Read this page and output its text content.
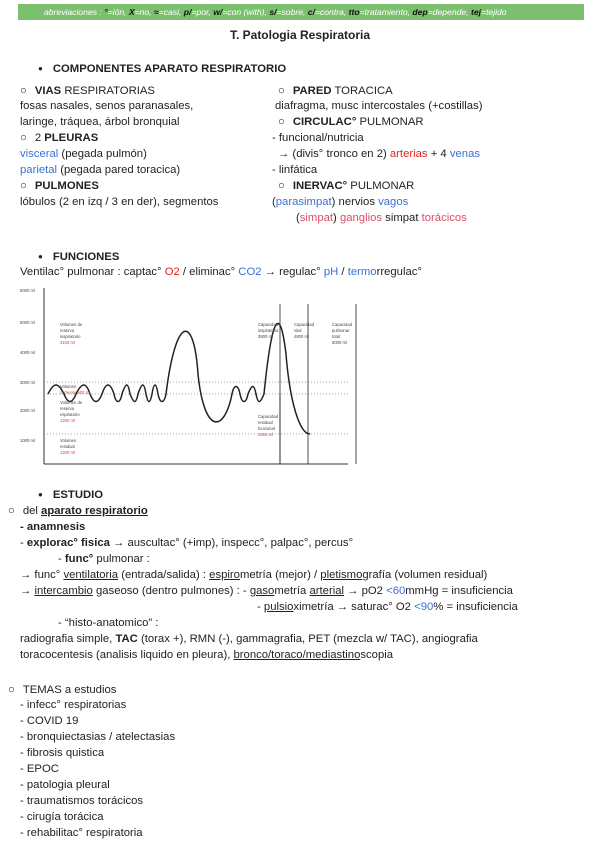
abreviaciones : °=ión, X=no, ≈=casi, p/=por, w/=con (with), s/=sobre, c/=contra, tto=tratamiento, dep=depende, tej=tejido
T. Patologia Respiratoria
● COMPONENTES APARATO RESPIRATORIO
○ VIAS RESPIRATORIAS
fosas nasales, senos paranasales,
laringe, tráquea, árbol bronquial
○ 2 PLEURAS
visceral (pegada pulmón)
parietal (pegada pared toracica)
○ PULMONES
lóbulos (2 en izq / 3 en der), segmentos
○ PARED TORACICA
diafragma, musc intercostales (+costillas)
○ CIRCULAC° PULMONAR
- funcional/nutricia
→ (divis° tronco en 2) arterias + 4 venas
- linfática
○ INERVAC° PULMONAR
(parasimpat) nervios vagos
(simpat) ganglios simpat torácicos
● FUNCIONES
Ventilac° pulmonar : captac° O2 / eliminac° CO2 → regulac° pH / termorregulac°
6000 ml
5000 ml
4000 ml
3000 ml
2000 ml
1000 ml
Volumen de
reserva
inspiratorio
3100 ml
Volumen
corriente 500 ml
Volumen de
reserva
espiratorio
1200 ml
Volumen
residual
1200 ml
Capacidad
inspiratoria
3600 ml
Capacidad
vital
4800 ml
Capacidad
pulmonar
total
6000 ml
Capacidad
residual
funcional
2400 ml
● ESTUDIO
○ del aparato respiratorio
- anamnesis
- explorac° fisica → auscultac° (+imp), inspecc°, palpac°, percus°
- func° pulmonar :
→ func° ventilatoria (entrada/salida) : espirometría (mejor) / pletismografía (volumen residual)
→ intercambio gaseoso (dentro pulmones) : - gasometría arterial → pO2 <60mmHg = insuficiencia
- pulsioximetría → saturac° O2 <90% = insuficiencia
- “histo-anatomico” :
radiografia simple, TAC (torax +), RMN (-), gammagrafia, PET (mezcla w/ TAC), angiografia
toracocentesis (analisis liquido en pleura), bronco/toraco/mediastinoscopia
○ TEMAS a estudios
- infecc° respiratorias
- COVID 19
- bronquiectasias / atelectasias
- fibrosis quistica
- EPOC
- patologia pleural
- traumatismos torácicos
- cirugía torácica
- rehabilitac° respiratoria
